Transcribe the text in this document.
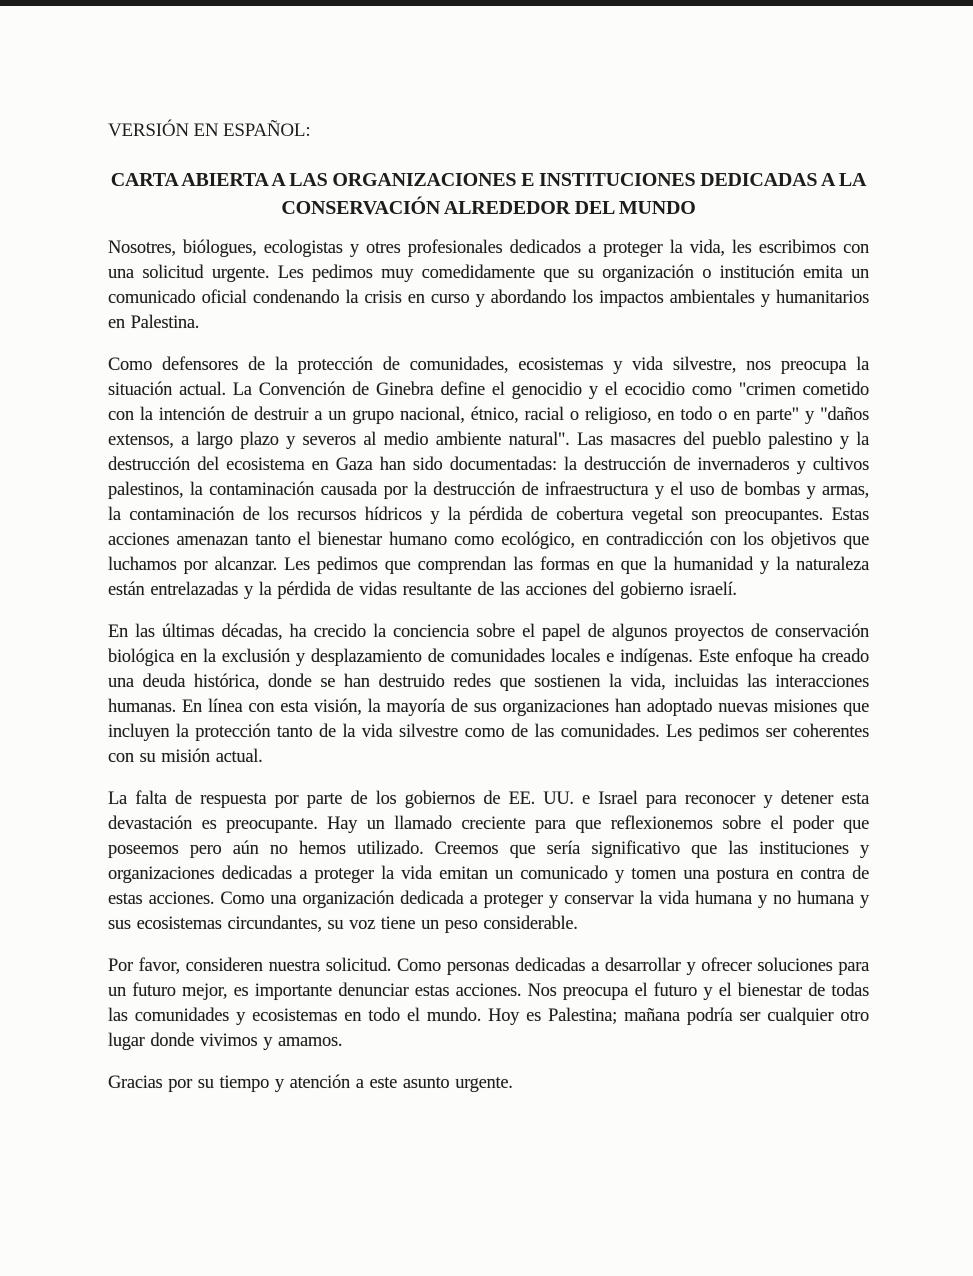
VERSIÓN EN ESPAÑOL:

CARTA ABIERTA A LAS ORGANIZACIONES E INSTITUCIONES DEDICADAS A LA
CONSERVACIÓN ALREDEDOR DEL MUNDO

Nosotres, biólogues, ecologistas y otres profesionales dedicados a proteger la vida, les escribimos con una solicitud urgente. Les pedimos muy comedidamente que su organización o institución emita un comunicado oficial condenando la crisis en curso y abordando los impactos ambientales y humanitarios en Palestina.

Como defensores de la protección de comunidades, ecosistemas y vida silvestre, nos preocupa la situación actual. La Convención de Ginebra define el genocidio y el ecocidio como "crimen cometido con la intención de destruir a un grupo nacional, étnico, racial o religioso, en todo o en parte" y "daños extensos, a largo plazo y severos al medio ambiente natural". Las masacres del pueblo palestino y la destrucción del ecosistema en Gaza han sido documentadas: la destrucción de invernaderos y cultivos palestinos, la contaminación causada por la destrucción de infraestructura y el uso de bombas y armas, la contaminación de los recursos hídricos y la pérdida de cobertura vegetal son preocupantes. Estas acciones amenazan tanto el bienestar humano como ecológico, en contradicción con los objetivos que luchamos por alcanzar. Les pedimos que comprendan las formas en que la humanidad y la naturaleza están entrelazadas y la pérdida de vidas resultante de las acciones del gobierno israelí.

En las últimas décadas, ha crecido la conciencia sobre el papel de algunos proyectos de conservación biológica en la exclusión y desplazamiento de comunidades locales e indígenas. Este enfoque ha creado una deuda histórica, donde se han destruido redes que sostienen la vida, incluidas las interacciones humanas. En línea con esta visión, la mayoría de sus organizaciones han adoptado nuevas misiones que incluyen la protección tanto de la vida silvestre como de las comunidades. Les pedimos ser coherentes con su misión actual.

La falta de respuesta por parte de los gobiernos de EE. UU. e Israel para reconocer y detener esta devastación es preocupante. Hay un llamado creciente para que reflexionemos sobre el poder que poseemos pero aún no hemos utilizado. Creemos que sería significativo que las instituciones y organizaciones dedicadas a proteger la vida emitan un comunicado y tomen una postura en contra de estas acciones. Como una organización dedicada a proteger y conservar la vida humana y no humana y sus ecosistemas circundantes, su voz tiene un peso considerable.

Por favor, consideren nuestra solicitud. Como personas dedicadas a desarrollar y ofrecer soluciones para un futuro mejor, es importante denunciar estas acciones. Nos preocupa el futuro y el bienestar de todas las comunidades y ecosistemas en todo el mundo. Hoy es Palestina; mañana podría ser cualquier otro lugar donde vivimos y amamos.

Gracias por su tiempo y atención a este asunto urgente.
